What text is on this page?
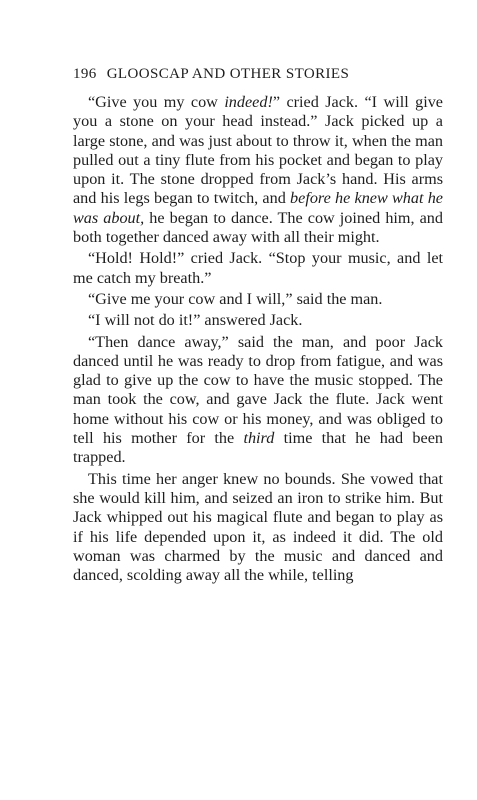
196 GLOOSCAP AND OTHER STORIES

“Give you my cow indeed!” cried Jack. “I will give you a stone on your head instead.” Jack picked up a large stone, and was just about to throw it, when the man pulled out a tiny flute from his pocket and began to play upon it. The stone dropped from Jack’s hand. His arms and his legs began to twitch, and before he knew what he was about, he began to dance. The cow joined him, and both together danced away with all their might.

“Hold! Hold!” cried Jack. “Stop your music, and let me catch my breath.”

“Give me your cow and I will,” said the man.

“I will not do it!” answered Jack.

“Then dance away,” said the man, and poor Jack danced until he was ready to drop from fatigue, and was glad to give up the cow to have the music stopped. The man took the cow, and gave Jack the flute. Jack went home without his cow or his money, and was obliged to tell his mother for the third time that he had been trapped.

This time her anger knew no bounds. She vowed that she would kill him, and seized an iron to strike him. But Jack whipped out his magical flute and began to play as if his life depended upon it, as indeed it did. The old woman was charmed by the music and danced and danced, scolding away all the while, telling
